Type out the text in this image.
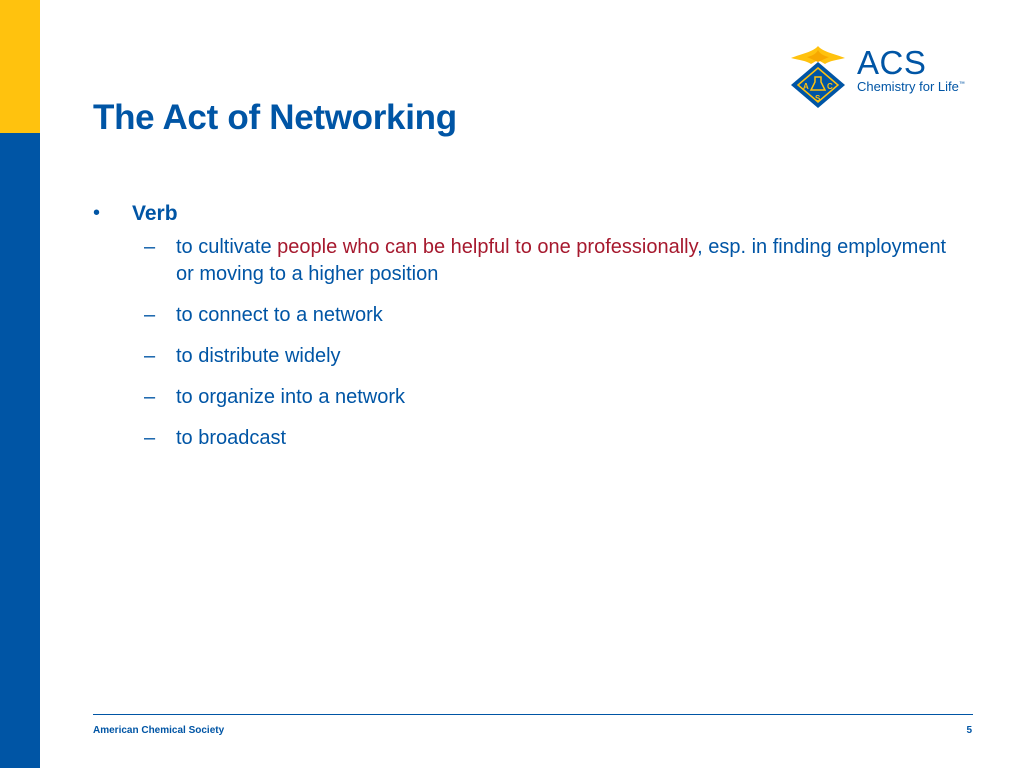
The Act of Networking
A C
S
ACS
Chemistry for Life™
• Verb
– to cultivate people who can be helpful to one professionally, esp. in finding employment or moving to a higher position
– to connect to a network
– to distribute widely
– to organize into a network
– to broadcast
American Chemical Society	5
